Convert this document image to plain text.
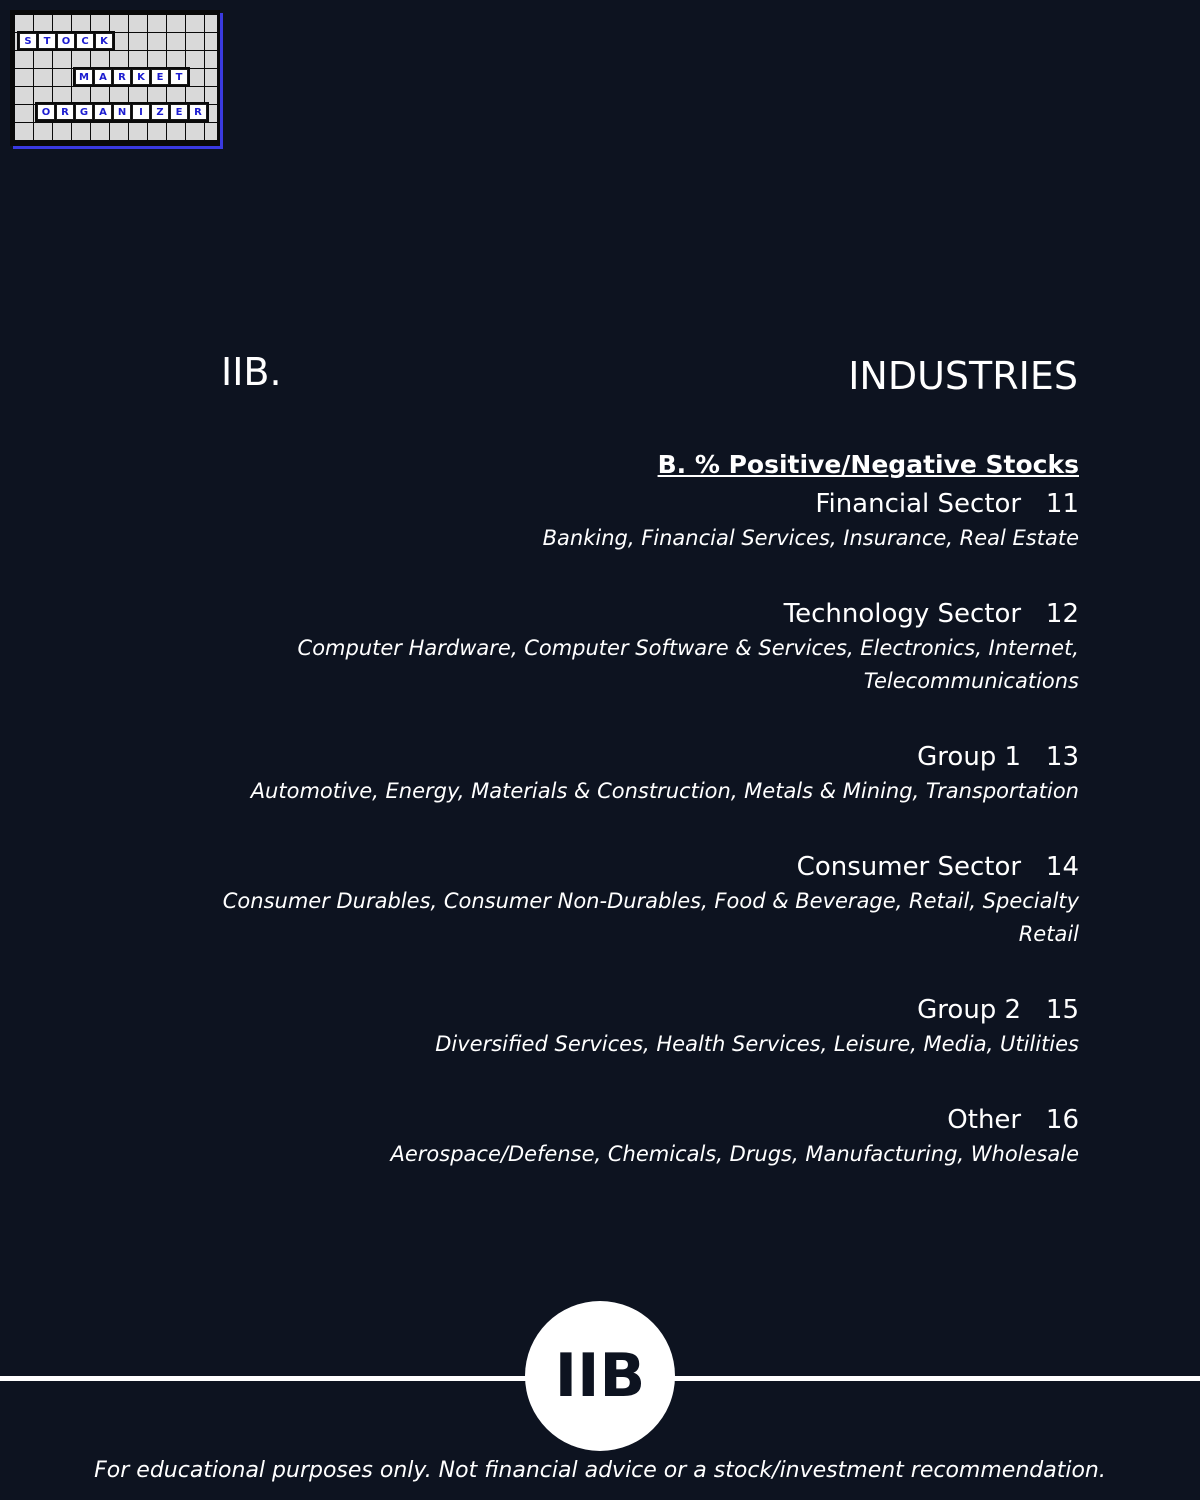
S	T	O	C	K
M	A	R	K	E	T
O	R	G	A	N	I	Z	E	R
IIB.	INDUSTRIES
B. % Positive/Negative Stocks
Financial Sector 11
Banking, Financial Services, Insurance, Real Estate
Technology Sector 12
Computer Hardware, Computer Software & Services, Electronics, Internet, Telecommunications
Group 1 13
Automotive, Energy, Materials & Construction, Metals & Mining, Transportation
Consumer Sector 14
Consumer Durables, Consumer Non-Durables, Food & Beverage, Retail, Specialty Retail
Group 2 15
Diversified Services, Health Services, Leisure, Media, Utilities
Other 16
Aerospace/Defense, Chemicals, Drugs, Manufacturing, Wholesale
IIB
For educational purposes only. Not financial advice or a stock/investment recommendation.
